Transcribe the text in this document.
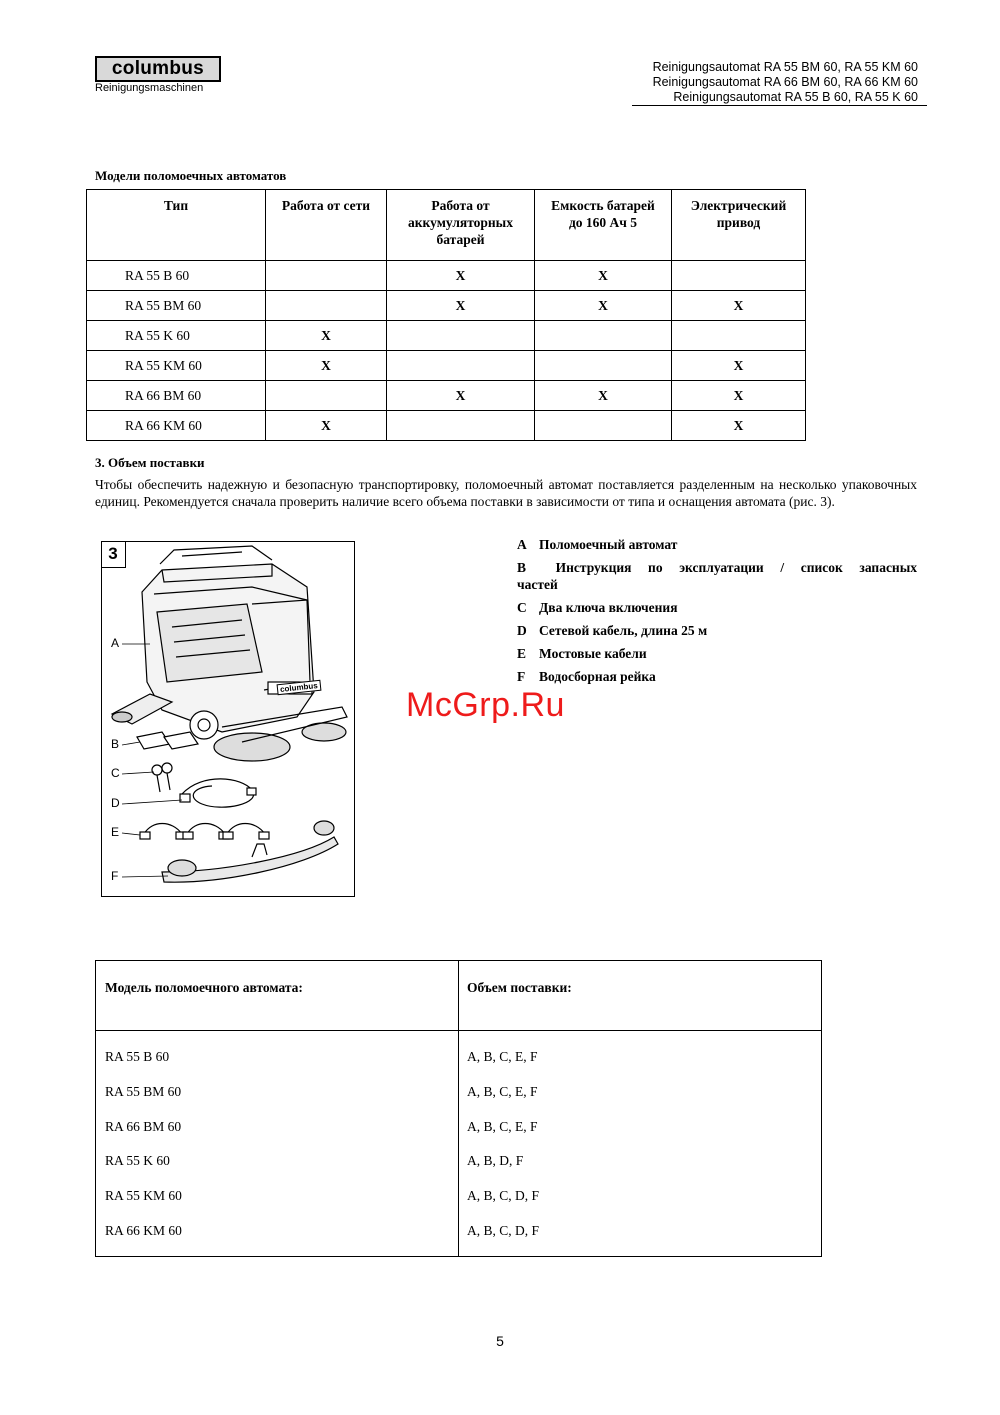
columbus
Reinigungsmaschinen
Reinigungsautomat RA 55 BM 60, RA 55 KM 60
Reinigungsautomat RA 66 BM 60, RA 66 KM 60
Reinigungsautomat RA 55 B 60, RA 55 K 60
Модели поломоечных автоматов
Тип	Работа от сети	Работа от аккумуляторных батарей	Емкость батарей до 160 Ач 5	Электрический привод

RA 55 B 60		X	X	
RA 55 BM 60		X	X	X
RA 55 K 60	X			
RA 55 KM 60	X			X
RA 66 BM 60		X	X	X
RA 66 KM 60	X			X
3. Объем поставки
Чтобы обеспечить надежную и безопасную транспортировку, поломоечный автомат поставляется разделенным на несколько упаковочных единиц. Рекомендуется сначала проверить наличие всего объема поставки в зависимости от типа и оснащения автомата (рис. 3).
columbus
A
B
C
D
E
F
3	A Поломоечный автомат
B Инструкция по эксплуатации / список запасных
частей
C Два ключа включения
D Сетевой кабель, длина 25 м
E Мостовые кабели
F Водосборная рейка
McGrp.Ru
Модель поломоечного автомата:	Объем поставки:
RA 55 B 60	A, B, C, E, F
RA 55 BM 60	A, B, C, E, F
RA 66 BM 60	A, B, C, E, F
RA 55 K 60	A, B, D, F
RA 55 KM 60	A, B, C, D, F
RA 66 KM 60	A, B, C, D, F
5
